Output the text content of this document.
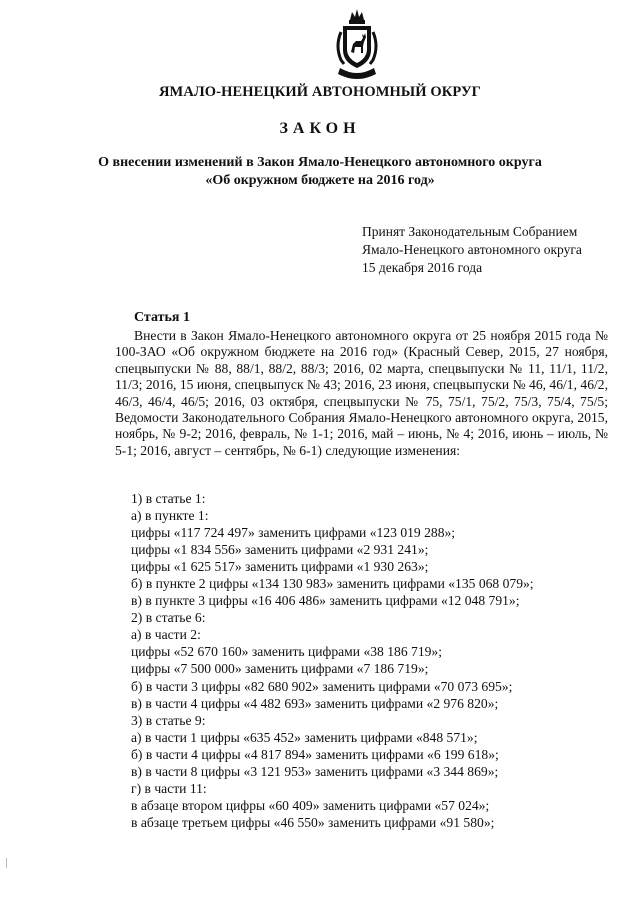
ЯМАЛО-НЕНЕЦКИЙ АВТОНОМНЫЙ ОКРУГ
ЗАКОН
О внесении изменений в Закон Ямало-Ненецкого автономного округа
«Об окружном бюджете на 2016 год»
Принят Законодательным Собранием
Ямало-Ненецкого автономного округа
15 декабря 2016 года
Статья 1
Внести в Закон Ямало-Ненецкого автономного округа от 25 ноября 2015 года № 100-ЗАО «Об окружном бюджете на 2016 год» (Красный Север, 2015, 27 ноября, спецвыпуски № 88, 88/1, 88/2, 88/3; 2016, 02 марта, спецвыпуски № 11, 11/1, 11/2, 11/3; 2016, 15 июня, спецвыпуск № 43; 2016, 23 июня, спецвыпуски № 46, 46/1, 46/2, 46/3, 46/4, 46/5; 2016, 03 октября, спецвыпуски № 75, 75/1, 75/2, 75/3, 75/4, 75/5; Ведомости Законодательного Собрания Ямало-Ненецкого автономного округа, 2015, ноябрь, № 9-2; 2016, февраль, № 1-1; 2016, май – июнь, № 4; 2016, июнь – июль, № 5-1; 2016, август – сентябрь, № 6-1) следующие изменения:
1) в статье 1:
а) в пункте 1:
цифры «117 724 497» заменить цифрами «123 019 288»;
цифры «1 834 556» заменить цифрами «2 931 241»;
цифры «1 625 517» заменить цифрами «1 930 263»;
б) в пункте 2 цифры «134 130 983» заменить цифрами «135 068 079»;
в) в пункте 3 цифры «16 406 486» заменить цифрами «12 048 791»;
2) в статье 6:
а) в части 2:
цифры «52 670 160» заменить цифрами «38 186 719»;
цифры «7 500 000» заменить цифрами «7 186 719»;
б) в части 3 цифры «82 680 902» заменить цифрами «70 073 695»;
в) в части 4 цифры «4 482 693» заменить цифрами «2 976 820»;
3) в статье 9:
а) в части 1 цифры «635 452» заменить цифрами «848 571»;
б) в части 4 цифры «4 817 894» заменить цифрами «6 199 618»;
в) в части 8 цифры «3 121 953» заменить цифрами «3 344 869»;
г) в части 11:
в абзаце втором цифры «60 409» заменить цифрами «57 024»;
в абзаце третьем цифры «46 550» заменить цифрами «91 580»;
